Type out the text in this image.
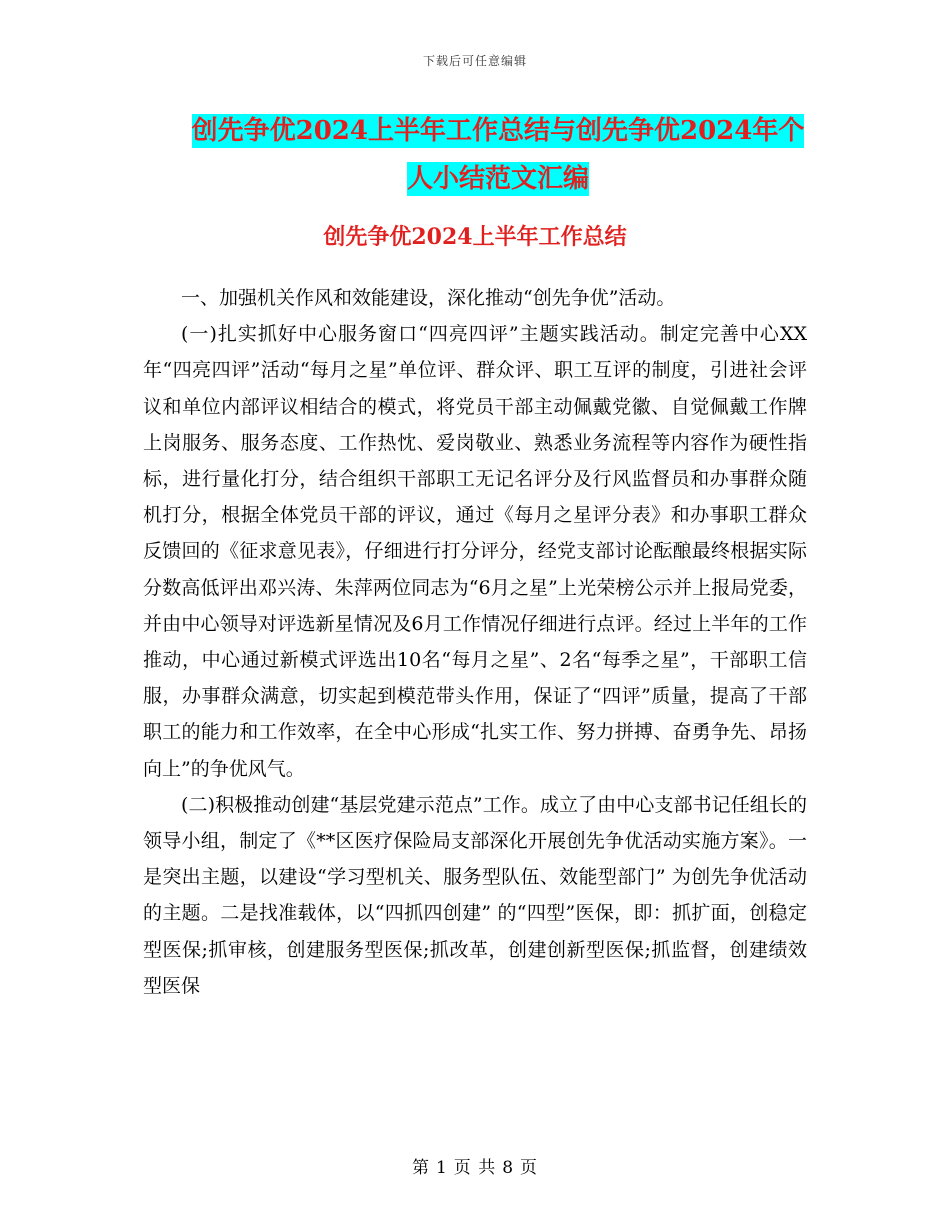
下载后可任意编辑
创先争优2024上半年工作总结与创先争优2024年个
人小结范文汇编
创先争优2024上半年工作总结

一、加强机关作风和效能建设，深化推动“创先争优”活动。

(一)扎实抓好中心服务窗口“四亮四评”主题实践活动。制定完善中心XX年“四亮四评”活动“每月之星”单位评、群众评、职工互评的制度，引进社会评议和单位内部评议相结合的模式，将党员干部主动佩戴党徽、自觉佩戴工作牌上岗服务、服务态度、工作热忱、爱岗敬业、熟悉业务流程等内容作为硬性指标，进行量化打分，结合组织干部职工无记名评分及行风监督员和办事群众随机打分，根据全体党员干部的评议，通过《每月之星评分表》和办事职工群众反馈回的《征求意见表》，仔细进行打分评分，经党支部讨论酝酿最终根据实际分数高低评出邓兴涛、朱萍两位同志为“6月之星”上光荣榜公示并上报局党委，并由中心领导对评选新星情况及6月工作情况仔细进行点评。经过上半年的工作推动，中心通过新模式评选出10名“每月之星”、2名“每季之星”，干部职工信服，办事群众满意，切实起到模范带头作用，保证了“四评”质量，提高了干部职工的能力和工作效率，在全中心形成“扎实工作、努力拼搏、奋勇争先、昂扬向上”的争优风气。

(二)积极推动创建“基层党建示范点”工作。成立了由中心支部书记任组长的领导小组，制定了《**区医疗保险局支部深化开展创先争优活动实施方案》。一是突出主题，以建设“学习型机关、服务型队伍、效能型部门” 为创先争优活动的主题。二是找准载体，以“四抓四创建” 的“四型”医保，即：抓扩面，创稳定型医保;抓审核，创建服务型医保;抓改革，创建创新型医保;抓监督，创建绩效型医保

第 1 页 共 8 页
